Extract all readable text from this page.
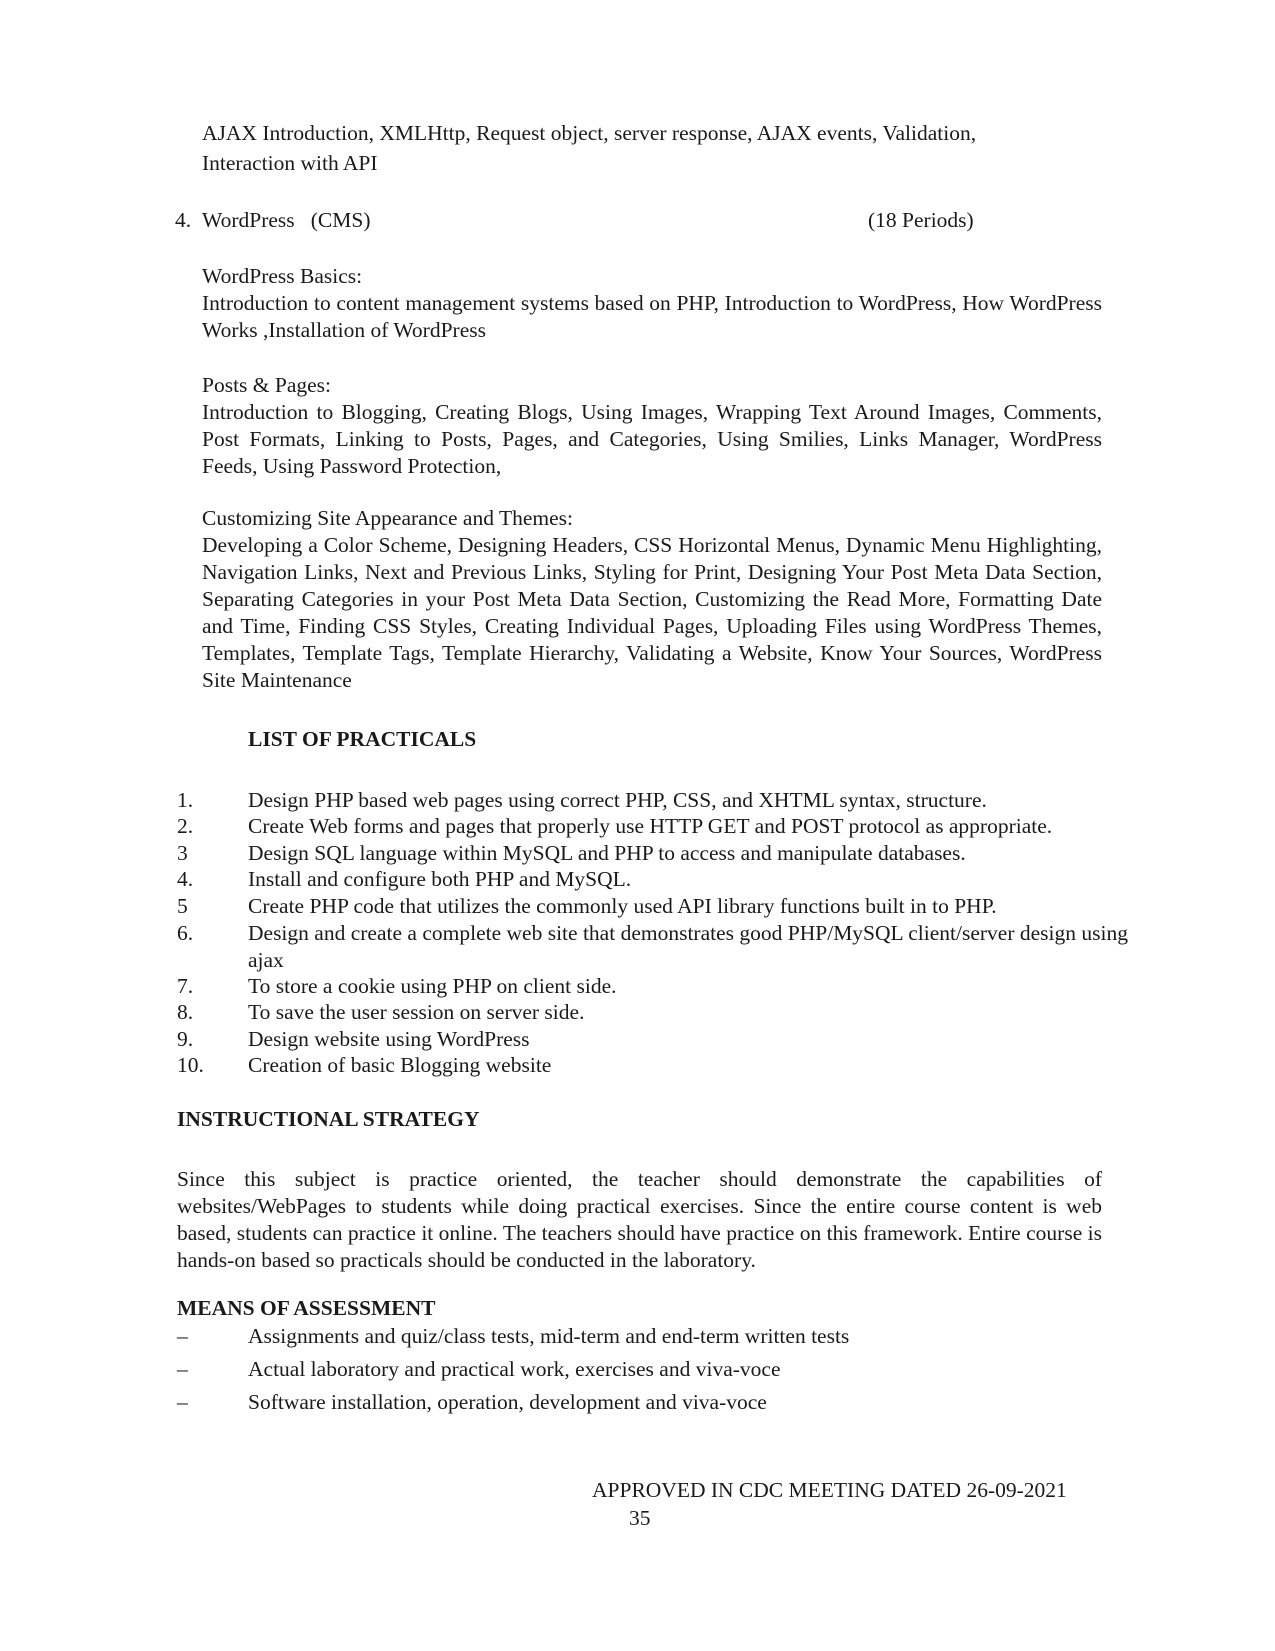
AJAX Introduction, XMLHttp, Request object, server response, AJAX events, Validation,
Interaction with API
4. WordPress   (CMS)	(18 Periods)
WordPress Basics:
Introduction to content management systems based on PHP, Introduction to WordPress, How WordPress Works ,Installation of WordPress
Posts & Pages:
Introduction to Blogging, Creating Blogs, Using Images, Wrapping Text Around Images, Comments, Post Formats, Linking to Posts, Pages, and Categories, Using Smilies, Links Manager, WordPress Feeds, Using Password Protection,
Customizing Site Appearance and Themes:
Developing a Color Scheme, Designing Headers, CSS Horizontal Menus, Dynamic Menu Highlighting, Navigation Links, Next and Previous Links, Styling for Print, Designing Your Post Meta Data Section, Separating Categories in your Post Meta Data Section, Customizing the Read More, Formatting Date and Time, Finding CSS Styles, Creating Individual Pages, Uploading Files using WordPress Themes, Templates, Template Tags, Template Hierarchy, Validating a Website, Know Your Sources, WordPress Site Maintenance
LIST OF PRACTICALS
1.	Design PHP based web pages using correct PHP, CSS, and XHTML syntax, structure.
2.	Create Web forms and pages that properly use HTTP GET and POST protocol as appropriate.
3	Design SQL language within MySQL and PHP to access and manipulate databases.
4.	Install and configure both PHP and MySQL.
5	Create PHP code that utilizes the commonly used API library functions built in to PHP.
6.	Design and create a complete web site that demonstrates good PHP/MySQL client/server design using ajax
7.	To store a cookie using PHP on client side.
8.	To save the user session on server side.
9.	Design website using WordPress
10. Creation of basic Blogging website
INSTRUCTIONAL STRATEGY
Since this subject is practice oriented, the teacher should demonstrate the capabilities of websites/WebPages to students while doing practical exercises. Since the entire course content is web based, students can practice it online. The teachers should have practice on this framework. Entire course is hands-on based so practicals should be conducted in the laboratory.
MEANS OF ASSESSMENT
–	Assignments and quiz/class tests, mid-term and end-term written tests
–	Actual laboratory and practical work, exercises and viva-voce
–	Software installation, operation, development and viva-voce
APPROVED IN CDC MEETING DATED 26-09-2021
35
